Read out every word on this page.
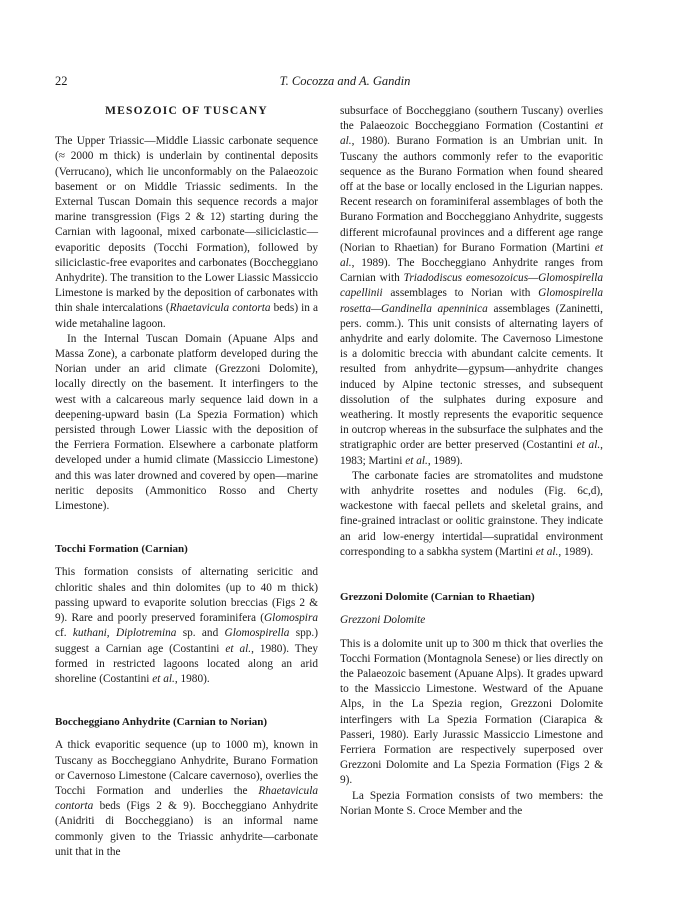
22	T. Cocozza and A. Gandin
MESOZOIC OF TUSCANY

The Upper Triassic—Middle Liassic carbonate sequence (≈ 2000 m thick) is underlain by continental deposits (Verrucano), which lie unconformably on the Palaeozoic basement or on Middle Triassic sediments. In the External Tuscan Domain this sequence records a major marine transgression (Figs 2 & 12) starting during the Carnian with lagoonal, mixed carbonate—siliciclastic—evaporitic deposits (Tocchi Formation), followed by siliciclastic-free evaporites and carbonates (Boccheggiano Anhydrite). The transition to the Lower Liassic Massiccio Limestone is marked by the deposition of carbonates with thin shale intercalations (Rhaetavicula contorta beds) in a wide metahaline lagoon.

In the Internal Tuscan Domain (Apuane Alps and Massa Zone), a carbonate platform developed during the Norian under an arid climate (Grezzoni Dolomite), locally directly on the basement. It interfingers to the west with a calcareous marly sequence laid down in a deepening-upward basin (La Spezia Formation) which persisted through Lower Liassic with the deposition of the Ferriera Formation. Elsewhere a carbonate platform developed under a humid climate (Massiccio Limestone) and this was later drowned and covered by open—marine neritic deposits (Ammonitico Rosso and Cherty Limestone).

Tocchi Formation (Carnian)

This formation consists of alternating sericitic and chloritic shales and thin dolomites (up to 40 m thick) passing upward to evaporite solution breccias (Figs 2 & 9). Rare and poorly preserved foraminifera (Glomospira cf. kuthani, Diplotremina sp. and Glomospirella spp.) suggest a Carnian age (Costantini et al., 1980). They formed in restricted lagoons located along an arid shoreline (Costantini et al., 1980).

Boccheggiano Anhydrite (Carnian to Norian)

A thick evaporitic sequence (up to 1000 m), known in Tuscany as Boccheggiano Anhydrite, Burano Formation or Cavernoso Limestone (Calcare cavernoso), overlies the Tocchi Formation and underlies the Rhaetavicula contorta beds (Figs 2 & 9). Boccheggiano Anhydrite (Anidriti di Boccheggiano) is an informal name commonly given to the Triassic anhydrite—carbonate unit that in the

subsurface of Boccheggiano (southern Tuscany) overlies the Palaeozoic Boccheggiano Formation (Costantini et al., 1980). Burano Formation is an Umbrian unit. In Tuscany the authors commonly refer to the evaporitic sequence as the Burano Formation when found sheared off at the base or locally enclosed in the Ligurian nappes. Recent research on foraminiferal assemblages of both the Burano Formation and Boccheggiano Anhydrite, suggests different microfaunal provinces and a different age range (Norian to Rhaetian) for Burano Formation (Martini et al., 1989). The Boccheggiano Anhydrite ranges from Carnian with Triadodiscus eomesozoicus—Glomospirella capellinii assemblages to Norian with Glomospirella rosetta—Gandinella apenninica assemblages (Zaninetti, pers. comm.). This unit consists of alternating layers of anhydrite and early dolomite. The Cavernoso Limestone is a dolomitic breccia with abundant calcite cements. It resulted from anhydrite—gypsum—anhydrite changes induced by Alpine tectonic stresses, and subsequent dissolution of the sulphates during exposure and weathering. It mostly represents the evaporitic sequence in outcrop whereas in the subsurface the sulphates and the stratigraphic order are better preserved (Costantini et al., 1983; Martini et al., 1989).

The carbonate facies are stromatolites and mudstone with anhydrite rosettes and nodules (Fig. 6c,d), wackestone with faecal pellets and skeletal grains, and fine-grained intraclast or oolitic grainstone. They indicate an arid low-energy intertidal—supratidal environment corresponding to a sabkha system (Martini et al., 1989).

Grezzoni Dolomite (Carnian to Rhaetian)
Grezzoni Dolomite

This is a dolomite unit up to 300 m thick that overlies the Tocchi Formation (Montagnola Senese) or lies directly on the Palaeozoic basement (Apuane Alps). It grades upward to the Massiccio Limestone. Westward of the Apuane Alps, in the La Spezia region, Grezzoni Dolomite interfingers with La Spezia Formation (Ciarapica & Passeri, 1980). Early Jurassic Massiccio Limestone and Ferriera Formation are respectively superposed over Grezzoni Dolomite and La Spezia Formation (Figs 2 & 9).

La Spezia Formation consists of two members: the Norian Monte S. Croce Member and the
